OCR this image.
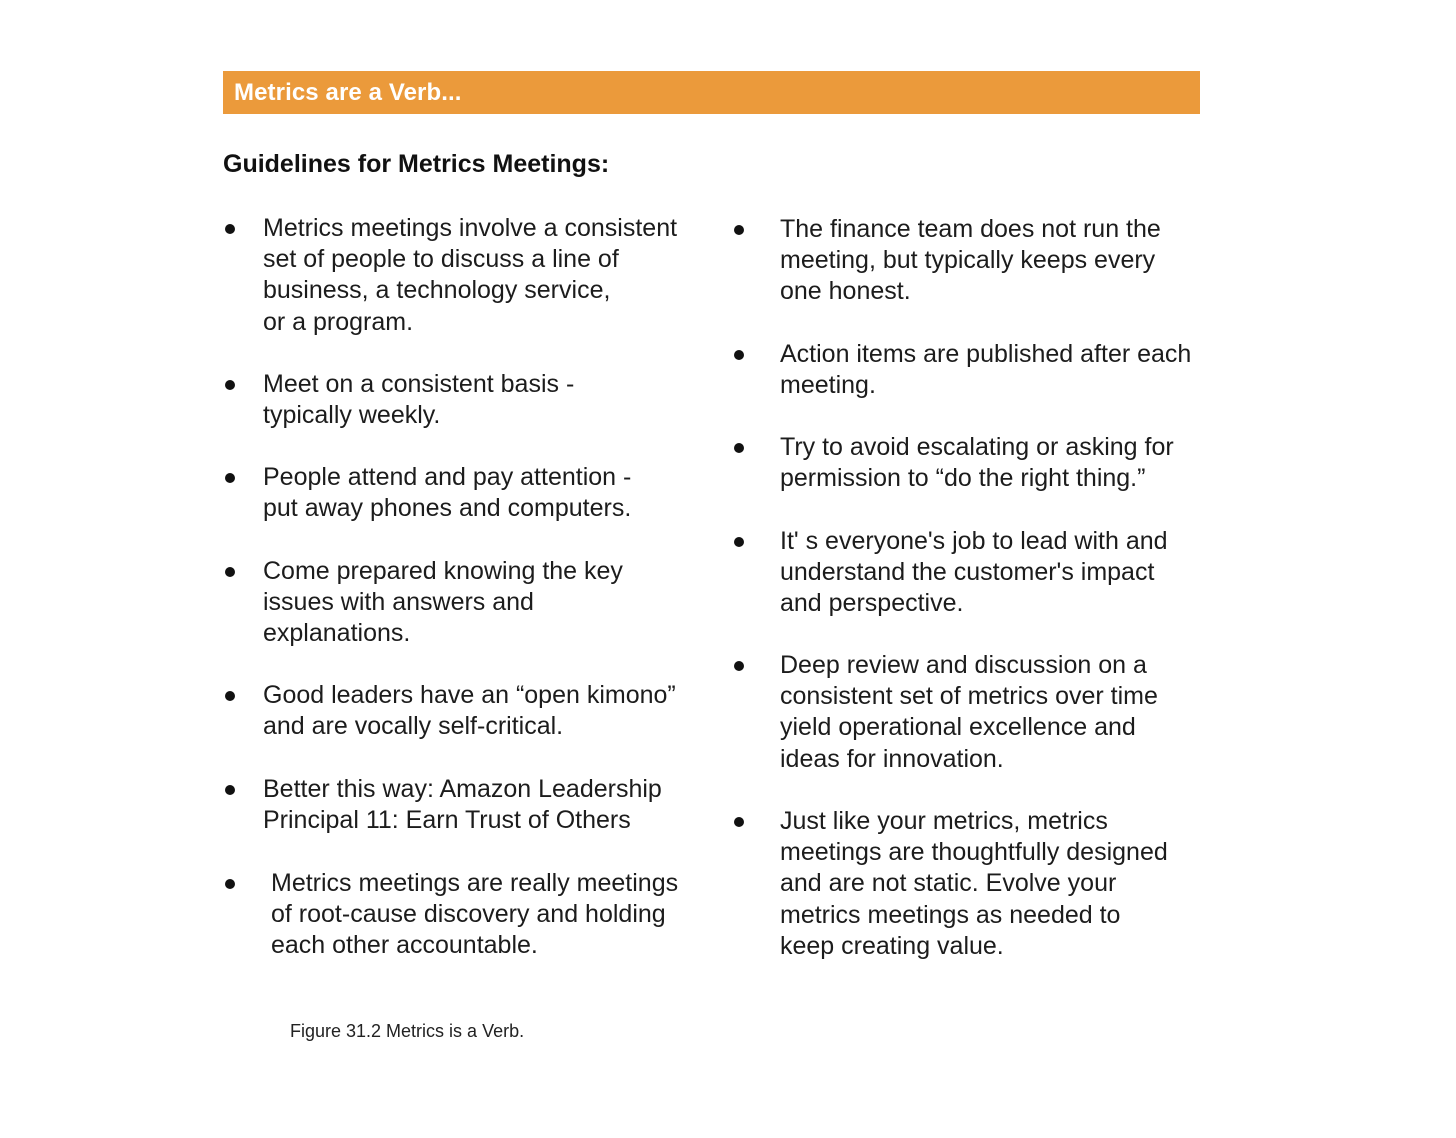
Metrics are a Verb...
Guidelines for Metrics Meetings:
Metrics meetings involve a consistent
set of people to discuss a line of
business, a technology service,
or a program.
Meet on a consistent basis -
typically weekly.
People attend and pay attention -
put away phones and computers.
Come prepared knowing the key
issues with answers and
explanations.
Good leaders have an “open kimono”
and are vocally self-critical.
Better this way: Amazon Leadership
Principal 11: Earn Trust of Others
Metrics meetings are really meetings
of root-cause discovery and holding
each other accountable.
The finance team does not run the
meeting, but typically keeps every
one honest.
Action items are published after each
meeting.
Try to avoid escalating or asking for
permission to “do the right thing.”
It' s everyone's job to lead with and
understand the customer's impact
and perspective.
Deep review and discussion on a
consistent set of metrics over time
yield operational excellence and
ideas for innovation.
Just like your metrics, metrics
meetings are thoughtfully designed
and are not static. Evolve your
metrics meetings as needed to
keep creating value.
Figure 31.2 Metrics is a Verb.
